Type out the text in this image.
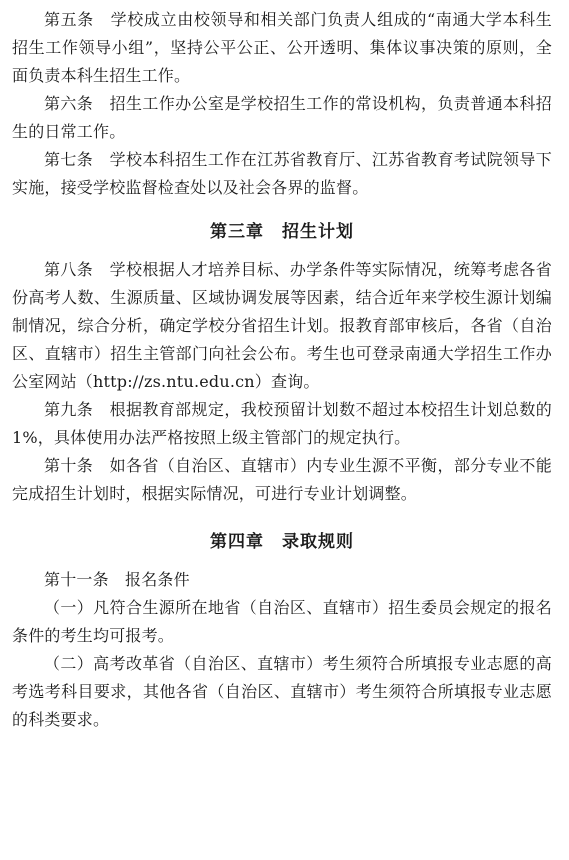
第五条　学校成立由校领导和相关部门负责人组成的“南通大学本科生招生工作领导小组”，坚持公平公正、公开透明、集体议事决策的原则，全面负责本科生招生工作。

第六条　招生工作办公室是学校招生工作的常设机构，负责普通本科招生的日常工作。

第七条　学校本科招生工作在江苏省教育厅、江苏省教育考试院领导下实施，接受学校监督检查处以及社会各界的监督。

第三章　招生计划

第八条　学校根据人才培养目标、办学条件等实际情况，统筹考虑各省份高考人数、生源质量、区域协调发展等因素，结合近年来学校生源计划编制情况，综合分析，确定学校分省招生计划。报教育部审核后，各省（自治区、直辖市）招生主管部门向社会公布。考生也可登录南通大学招生工作办公室网站（http://zs.ntu.edu.cn）查询。

第九条　根据教育部规定，我校预留计划数不超过本校招生计划总数的1%，具体使用办法严格按照上级主管部门的规定执行。

第十条　如各省（自治区、直辖市）内专业生源不平衡，部分专业不能完成招生计划时，根据实际情况，可进行专业计划调整。

第四章　录取规则

第十一条　报名条件

（一）凡符合生源所在地省（自治区、直辖市）招生委员会规定的报名条件的考生均可报考。

（二）高考改革省（自治区、直辖市）考生须符合所填报专业志愿的高考选考科目要求，其他各省（自治区、直辖市）考生须符合所填报专业志愿的科类要求。
